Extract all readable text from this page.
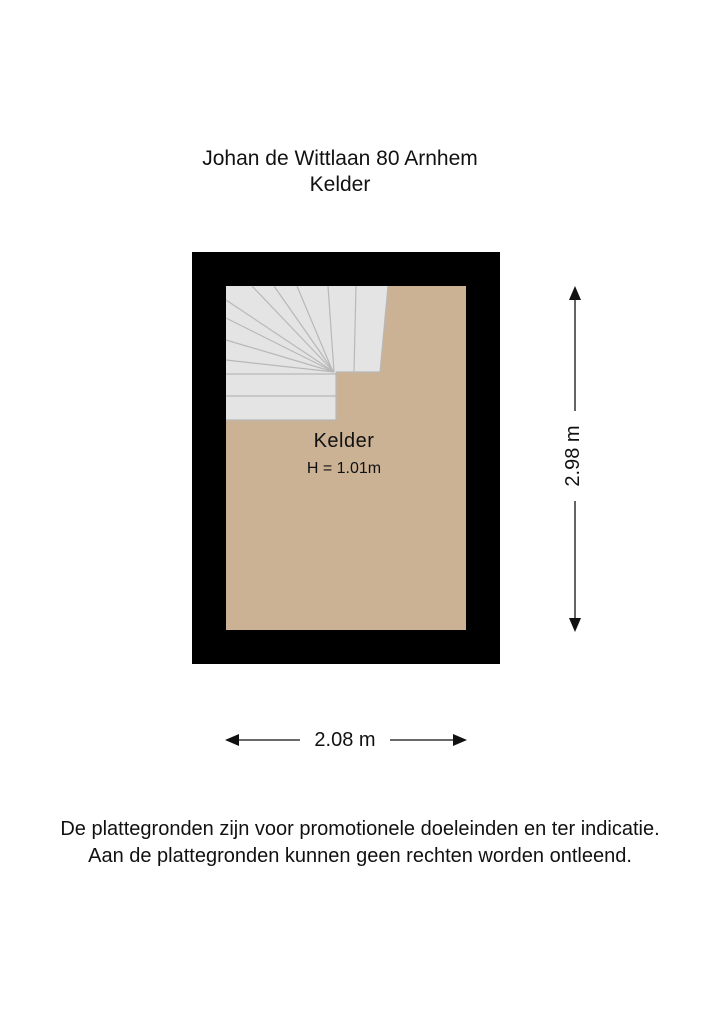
Johan de Wittlaan 80 Arnhem
Kelder
Kelder
H = 1.01m
2.08 m
2.98 m
De plattegronden zijn voor promotionele doeleinden en ter indicatie.
Aan de plattegronden kunnen geen rechten worden ontleend.
